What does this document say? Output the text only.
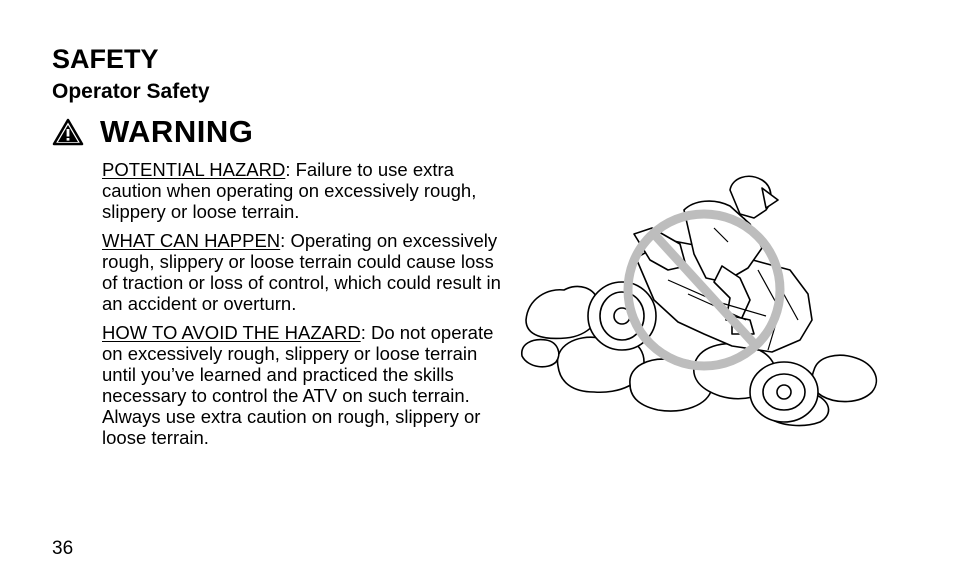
SAFETY
Operator Safety
WARNING

POTENTIAL HAZARD: Failure to use extra caution when operating on excessively rough, slippery or loose terrain.

WHAT CAN HAPPEN: Operating on excessively rough, slippery or loose terrain could cause loss of traction or loss of control, which could result in an accident or overturn.

HOW TO AVOID THE HAZARD: Do not operate on excessively rough, slippery or loose terrain until you’ve learned and practiced the skills necessary to control the ATV on such terrain. Always use extra caution on rough, slippery or loose terrain.

36
